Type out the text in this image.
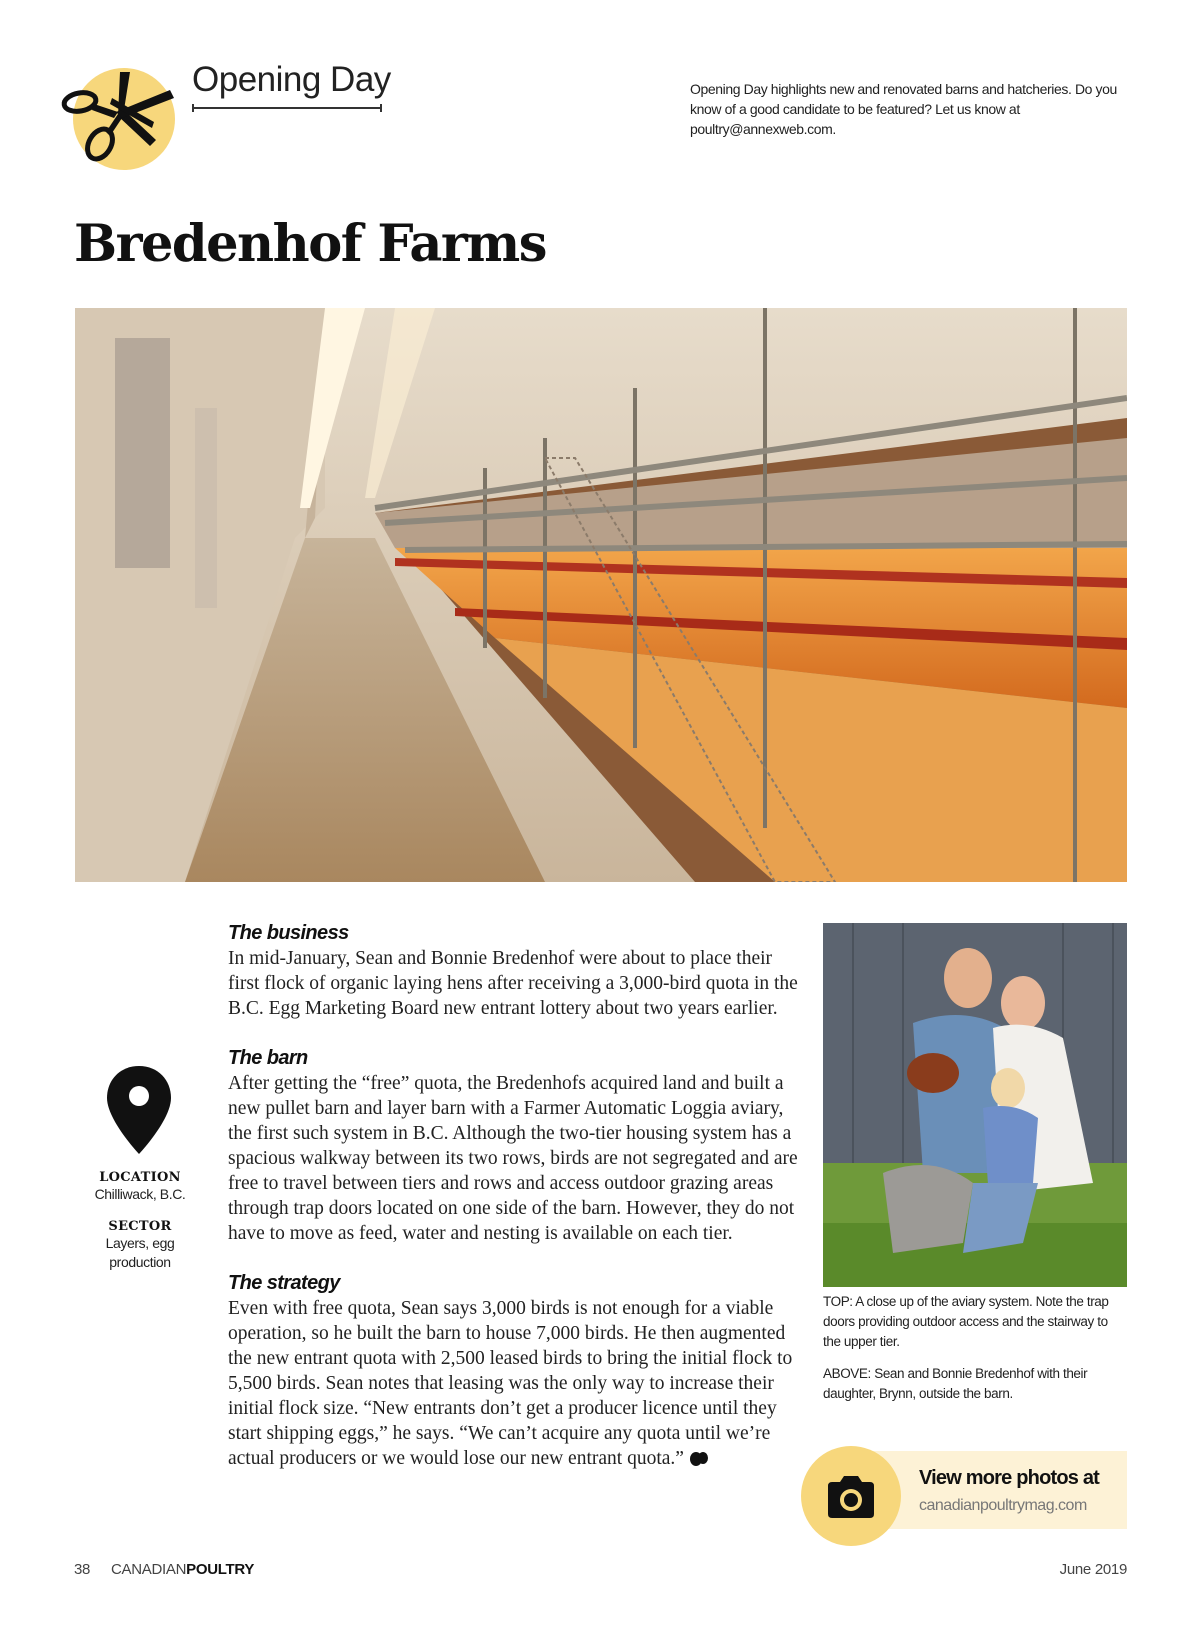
Opening Day	Opening Day highlights new and renovated barns and hatcheries. Do you know of a good candidate to be featured? Let us know at poultry@annexweb.com.
Bredenhof Farms
LOCATION
Chilliwack, B.C.
SECTOR
Layers, egg production
The business

In mid-January, Sean and Bonnie Bredenhof were about to place their first flock of organic laying hens after receiving a 3,000-bird quota in the B.C. Egg Marketing Board new entrant lottery about two years earlier.

The barn

After getting the “free” quota, the Bredenhofs acquired land and built a new pullet barn and layer barn with a Farmer Automatic Loggia aviary, the first such system in B.C. Although the two-tier housing system has a spacious walkway between its two rows, birds are not segregated and are free to travel between tiers and rows and access outdoor grazing areas through trap doors located on one side of the barn. However, they do not have to move as feed, water and nesting is available on each tier.

The strategy

Even with free quota, Sean says 3,000 birds is not enough for a viable operation, so he built the barn to house 7,000 birds. He then augmented the new entrant quota with 2,500 leased birds to bring the initial flock to 5,500 birds. Sean notes that leasing was the only way to increase their initial flock size. “New entrants don’t get a producer licence until they start shipping eggs,” he says. “We can’t acquire any quota until we’re actual producers or we would lose our new entrant quota.”

TOP: A close up of the aviary system. Note the trap doors providing outdoor access and the stairway to the upper tier.
ABOVE: Sean and Bonnie Bredenhof with their daughter, Brynn, outside the barn.
View more photos at
canadianpoultrymag.com
38 CANADIANPOULTRY	June 2019
